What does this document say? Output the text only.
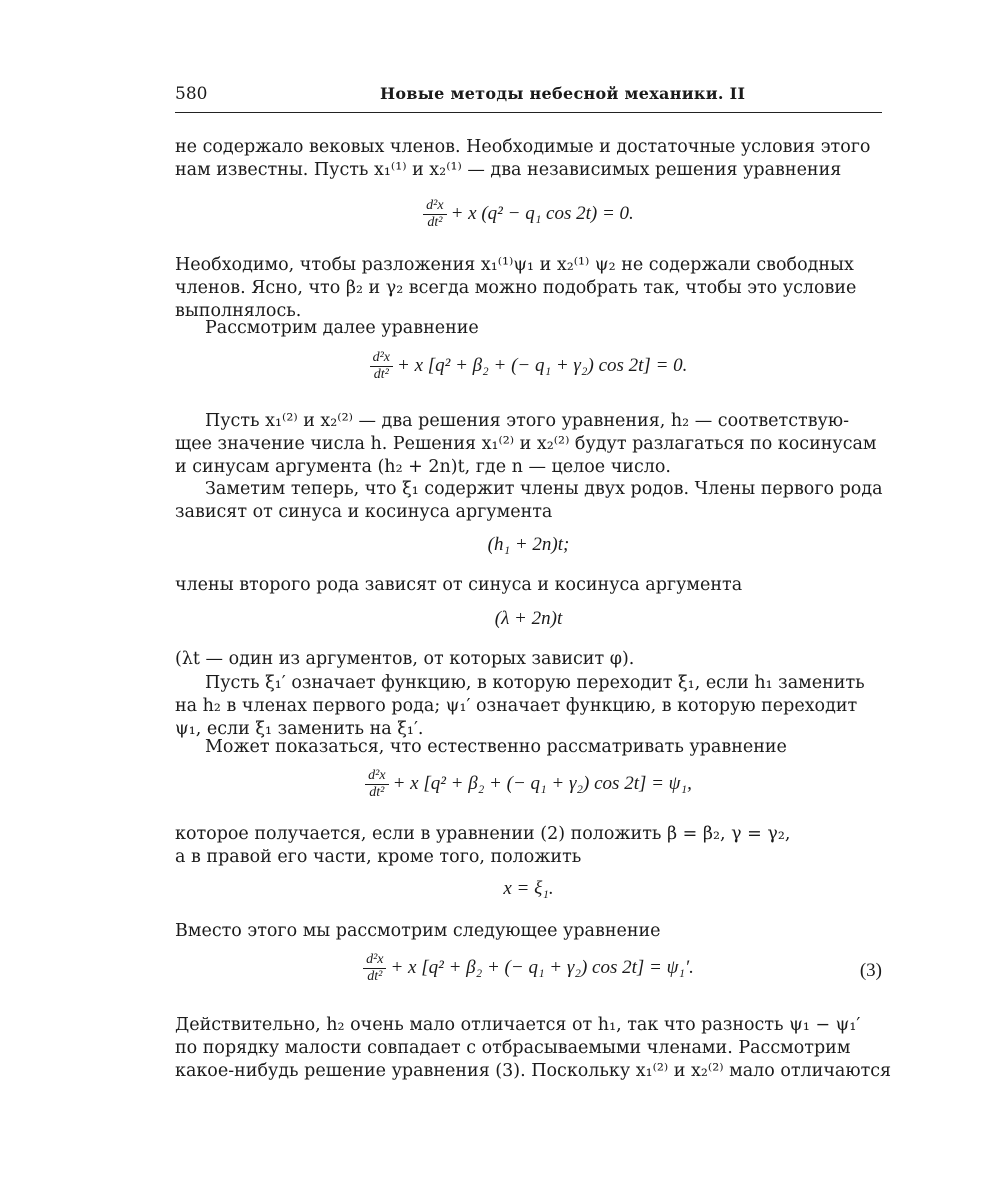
580	Новые методы небесной механики. II
не содержало вековых членов. Необходимые и достаточные условия этого
нам известны. Пусть x₁⁽¹⁾ и x₂⁽¹⁾ — два независимых решения уравнения
$\frac{\text{d²x}}{\text{dt²}} + x$ (q² − q₁ cos 2t) = 0.
Необходимо, чтобы разложения x₁⁽¹⁾ψ₁ и x₂⁽¹⁾ ψ₂ не содержали свободных
членов. Ясно, что β₂ и γ₂ всегда можно подобрать так, чтобы это условие
выполнялось.
Рассмотрим далее уравнение
$\frac{\text{d²x}}{\text{dt²}} + x$ [q² + β₂ + (− q₁ + γ₂) cos 2t] = 0.
Пусть x₁⁽²⁾ и x₂⁽²⁾ — два решения этого уравнения, h₂ — соответствую-
щее значение числа h. Решения x₁⁽²⁾ и x₂⁽²⁾ будут разлагаться по косинусам
и синусам аргумента (h₂ + 2n)t, где n — целое число.
Заметим теперь, что ξ₁ содержит члены двух родов. Члены первого рода
зависят от синуса и косинуса аргумента
(h₁ + 2n)t;
члены второго рода зависят от синуса и косинуса аргумента
(λ + 2n)t
(λt — один из аргументов, от которых зависит φ).
Пусть ξ₁′ означает функцию, в которую переходит ξ₁, если h₁ заменить
на h₂ в членах первого рода; ψ₁′ означает функцию, в которую переходит
ψ₁, если ξ₁ заменить на ξ₁′.
Может показаться, что естественно рассматривать уравнение
$\frac{\text{d²x}}{\text{dt²}} + x$ [q² + β₂ + (− q₁ + γ₂) cos 2t] = ψ₁,
которое получается, если в уравнении (2) положить β = β₂, γ = γ₂,
а в правой его части, кроме того, положить
x = ξ₁.
Вместо этого мы рассмотрим следующее уравнение
$\frac{\text{d²x}}{\text{dt²}} + x$ [q² + β₂ + (− q₁ + γ₂) cos 2t] = ψ₁′.	(3)
Действительно, h₂ очень мало отличается от h₁, так что разность ψ₁ − ψ₁′
по порядку малости совпадает с отбрасываемыми членами. Рассмотрим
какое-нибудь решение уравнения (3). Поскольку x₁⁽²⁾ и x₂⁽²⁾ мало отличаются
